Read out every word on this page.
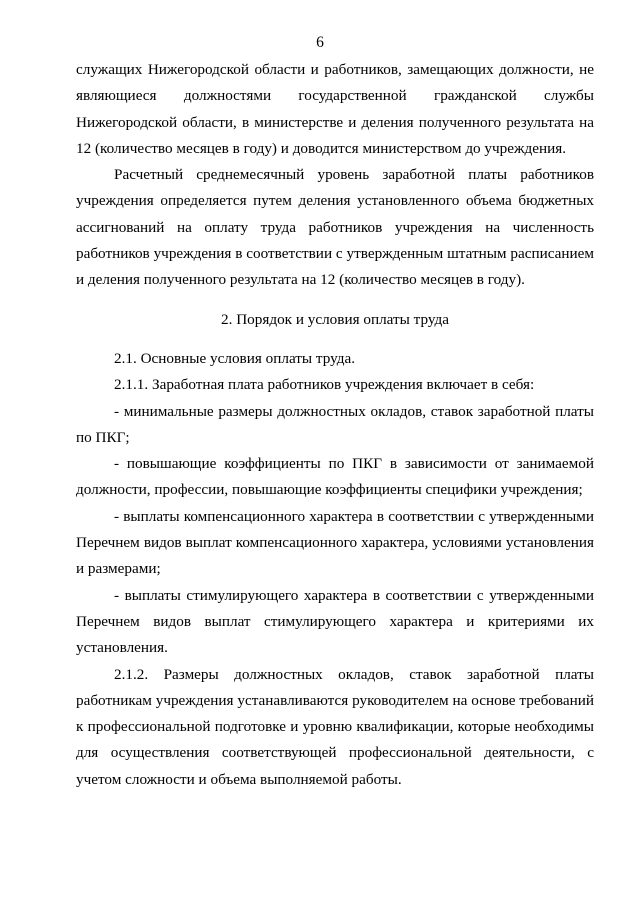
6

служащих Нижегородской области и работников, замещающих должности, не являющиеся должностями государственной гражданской службы Нижегородской области, в министерстве и деления полученного результата на 12 (количество месяцев в году) и доводится министерством до учреждения.

Расчетный среднемесячный уровень заработной платы работников учреждения определяется путем деления установленного объема бюджетных ассигнований на оплату труда работников учреждения на численность работников учреждения в соответствии с утвержденным штатным расписанием и деления полученного результата на 12 (количество месяцев в году).

2. Порядок и условия оплаты труда

2.1. Основные условия оплаты труда.

2.1.1. Заработная плата работников учреждения включает в себя:

- минимальные размеры должностных окладов, ставок заработной платы по ПКГ;

- повышающие коэффициенты по ПКГ в зависимости от занимаемой должности, профессии, повышающие коэффициенты специфики учреждения;

- выплаты компенсационного характера в соответствии с утвержденными Перечнем видов выплат компенсационного характера, условиями установления и размерами;

- выплаты стимулирующего характера в соответствии с утвержденными Перечнем видов выплат стимулирующего характера и критериями их установления.

2.1.2. Размеры должностных окладов, ставок заработной платы работникам учреждения устанавливаются руководителем на основе требований к профессиональной подготовке и уровню квалификации, которые необходимы для осуществления соответствующей профессиональной деятельности, с учетом сложности и объема выполняемой работы.
